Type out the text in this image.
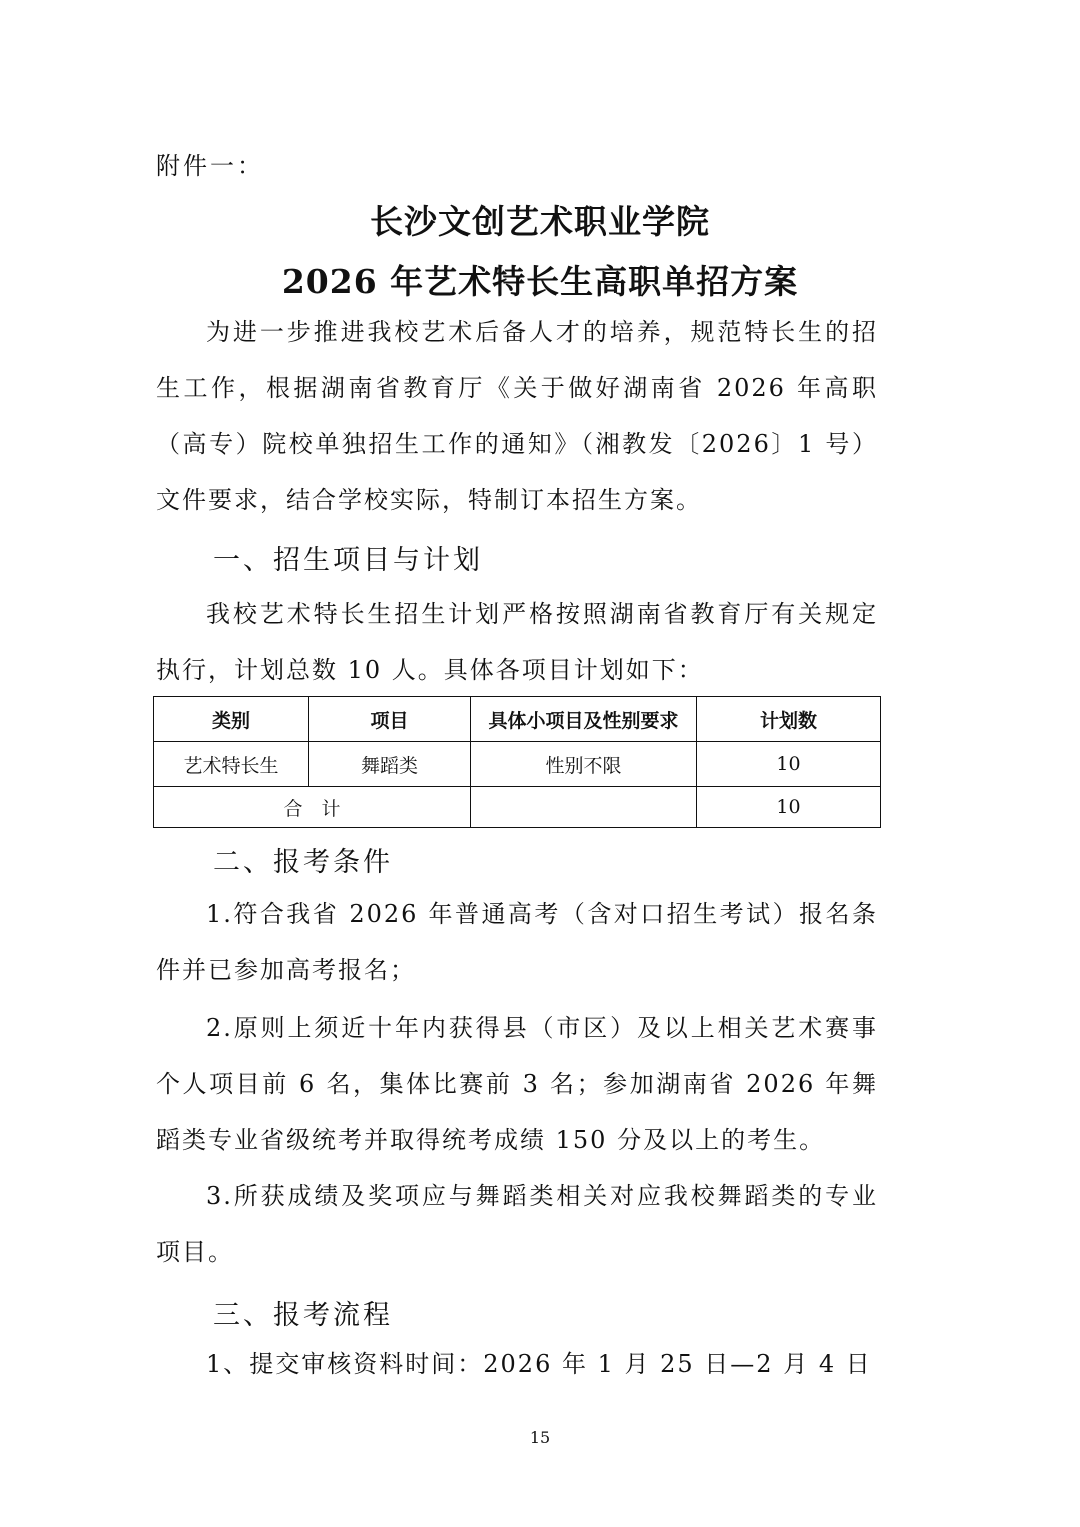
附件一：
长沙文创艺术职业学院
2026 年艺术特长生高职单招方案

为进一步推进我校艺术后备人才的培养，规范特长生的招生工作，根据湖南省教育厅《关于做好湖南省 2026 年高职（高专）院校单独招生工作的通知》（湘教发〔2026〕1 号）文件要求，结合学校实际，特制订本招生方案。

一、招生项目与计划

我校艺术特长生招生计划严格按照湖南省教育厅有关规定执行，计划总数 10 人。具体各项目计划如下：

类别	项目	具体小项目及性别要求	计划数
艺术特长生	舞蹈类	性别不限	10
合　计			10
二、报考条件

1.符合我省 2026 年普通高考（含对口招生考试）报名条件并已参加高考报名；

2.原则上须近十年内获得县（市区）及以上相关艺术赛事个人项目前 6 名，集体比赛前 3 名；参加湖南省 2026 年舞蹈类专业省级统考并取得统考成绩 150 分及以上的考生。

3.所获成绩及奖项应与舞蹈类相关对应我校舞蹈类的专业项目。

三、报考流程

1、提交审核资料时间：2026 年 1 月 25 日—2 月 4 日

15
